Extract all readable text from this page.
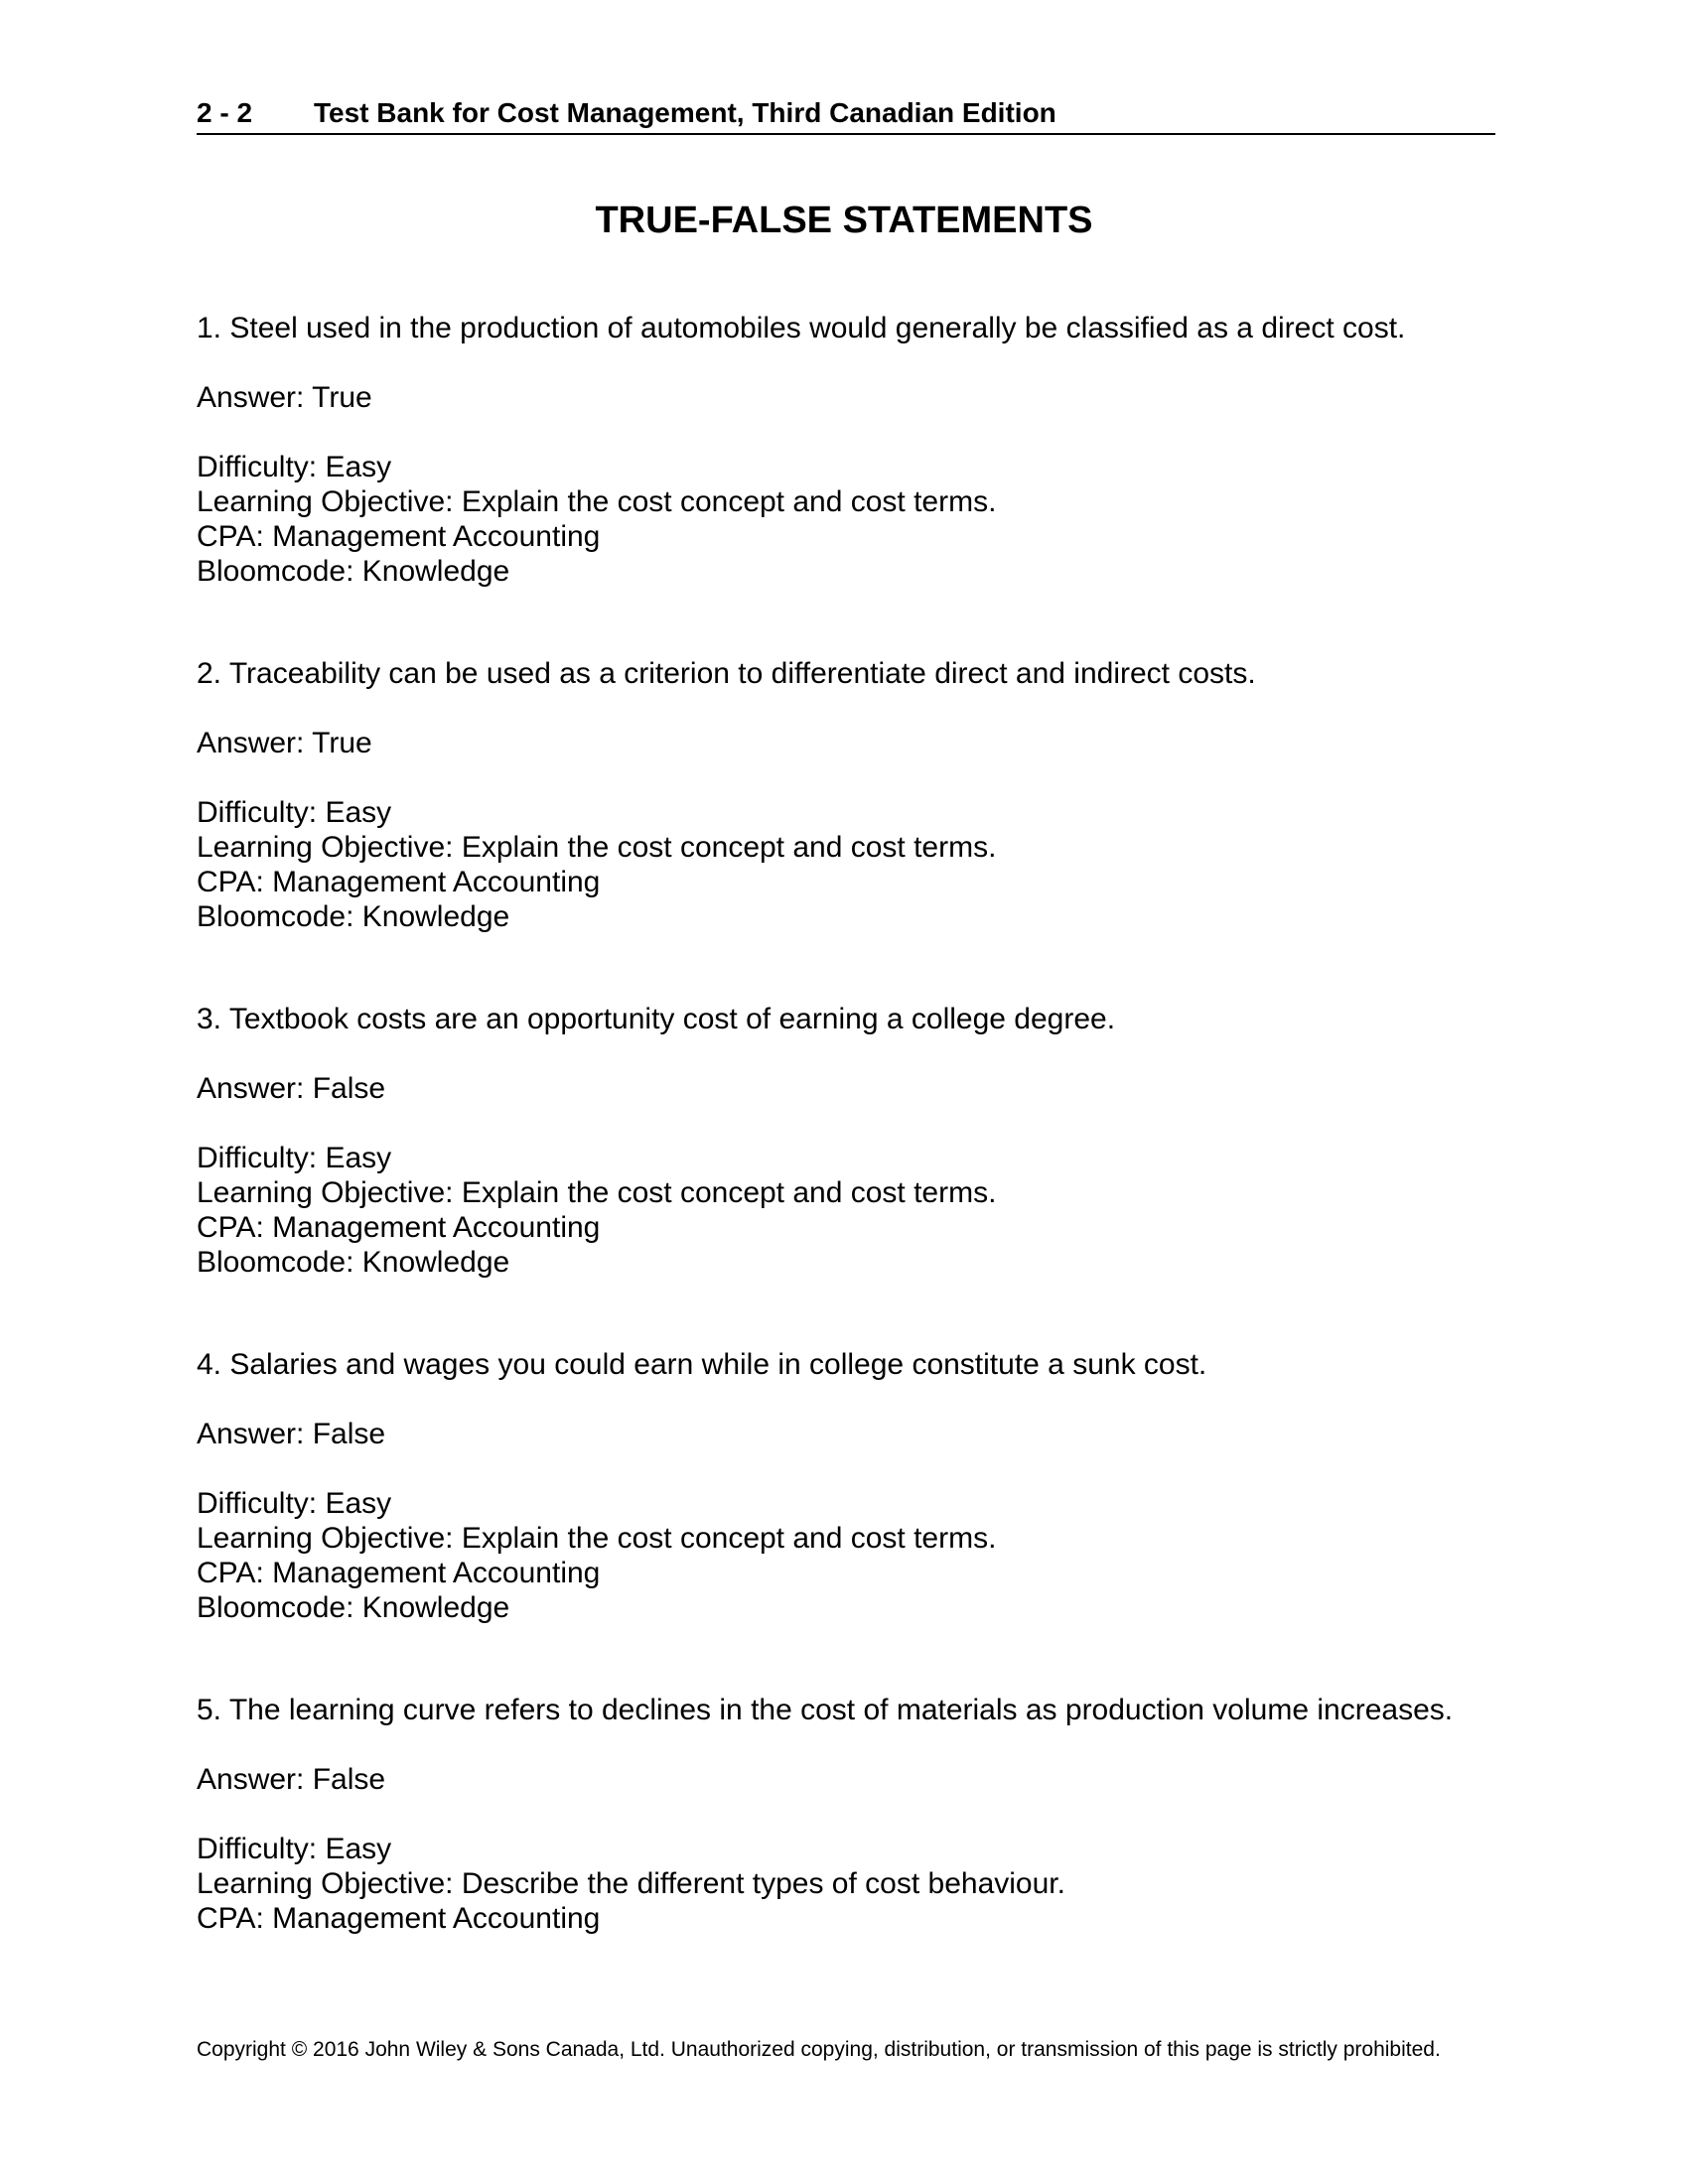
2 - 2 Test Bank for Cost Management, Third Canadian Edition
TRUE-FALSE STATEMENTS
1. Steel used in the production of automobiles would generally be classified as a direct cost.
Answer: True
Difficulty: Easy
Learning Objective: Explain the cost concept and cost terms.
CPA: Management Accounting
Bloomcode: Knowledge
2. Traceability can be used as a criterion to differentiate direct and indirect costs.
Answer: True
Difficulty: Easy
Learning Objective: Explain the cost concept and cost terms.
CPA: Management Accounting
Bloomcode: Knowledge
3. Textbook costs are an opportunity cost of earning a college degree.
Answer: False
Difficulty: Easy
Learning Objective: Explain the cost concept and cost terms.
CPA: Management Accounting
Bloomcode: Knowledge
4. Salaries and wages you could earn while in college constitute a sunk cost.
Answer: False
Difficulty: Easy
Learning Objective: Explain the cost concept and cost terms.
CPA: Management Accounting
Bloomcode: Knowledge
5. The learning curve refers to declines in the cost of materials as production volume increases.
Answer: False
Difficulty: Easy
Learning Objective: Describe the different types of cost behaviour.
CPA: Management Accounting
Copyright © 2016 John Wiley & Sons Canada, Ltd. Unauthorized copying, distribution, or transmission of this page is strictly prohibited.
